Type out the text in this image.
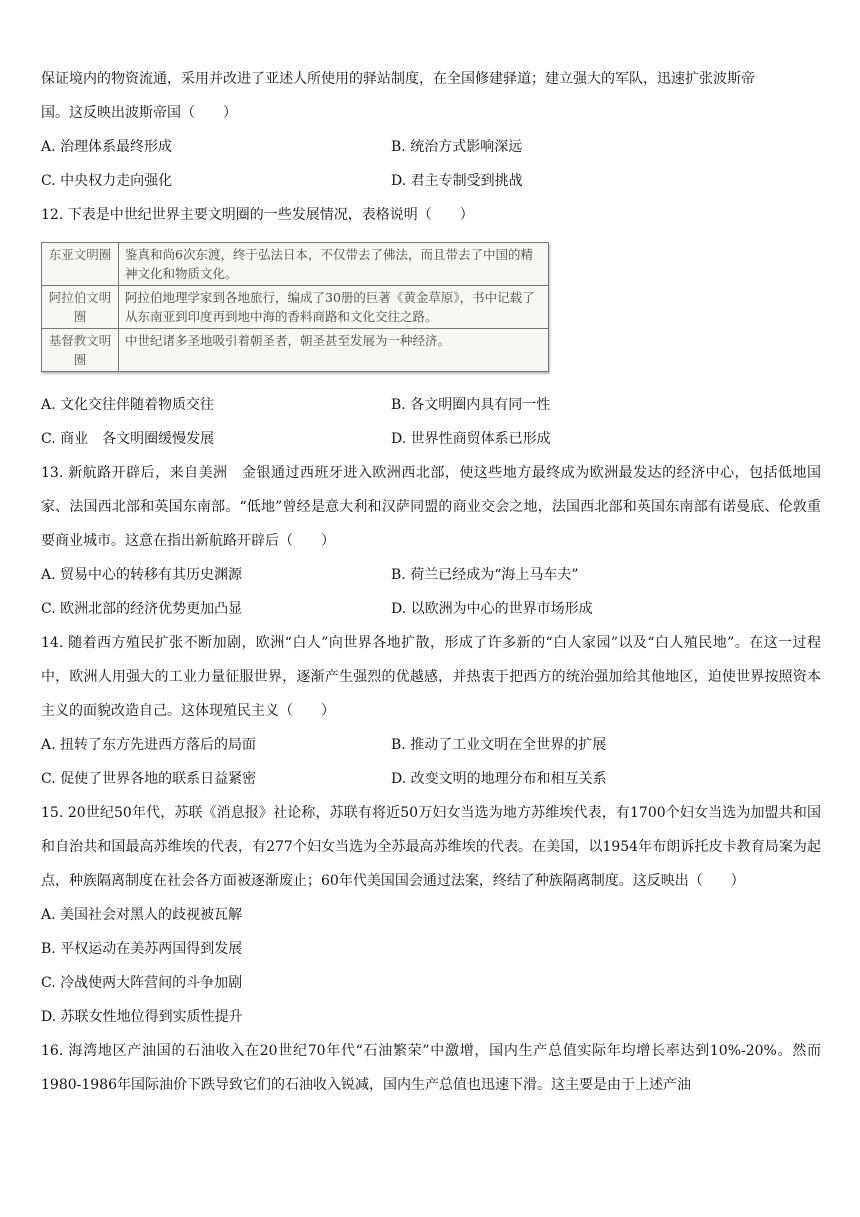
保证境内的物资流通，采用并改进了亚述人所使用的驿站制度，在全国修建驿道；建立强大的军队，迅速扩张波斯帝

国。这反映出波斯帝国（　　）

A. 治理体系最终形成	B. 统治方式影响深远
C. 中央权力走向强化	D. 君主专制受到挑战

12. 下表是中世纪世界主要文明圈的一些发展情况，表格说明（　　）

东亚文明圈	鉴真和尚6次东渡，终于弘法日本，不仅带去了佛法，而且带去了中国的精神文化和物质文化。
阿拉伯文明圈	阿拉伯地理学家到各地旅行，编成了30册的巨著《黄金草原》，书中记载了从东南亚到印度再到地中海的香料商路和文化交往之路。
基督教文明圈	中世纪诸多圣地吸引着朝圣者，朝圣甚至发展为一种经济。
A. 文化交往伴随着物质交往	B. 各文明圈内具有同一性
C. 商业　各文明圈缓慢发展	D. 世界性商贸体系已形成

13. 新航路开辟后，来自美洲　金银通过西班牙进入欧洲西北部，使这些地方最终成为欧洲最发达的经济中心，包括低地国家、法国西北部和英国东南部。“低地”曾经是意大利和汉萨同盟的商业交会之地，法国西北部和英国东南部有诺曼底、伦敦重要商业城市。这意在指出新航路开辟后（　　）

A. 贸易中心的转移有其历史渊源	B. 荷兰已经成为“海上马车夫”
C. 欧洲北部的经济优势更加凸显	D. 以欧洲为中心的世界市场形成

14. 随着西方殖民扩张不断加剧，欧洲“白人”向世界各地扩散，形成了许多新的“白人家园”以及“白人殖民地”。在这一过程中，欧洲人用强大的工业力量征服世界，逐渐产生强烈的优越感，并热衷于把西方的统治强加给其他地区，迫使世界按照资本主义的面貌改造自己。这体现殖民主义（　　）

A. 扭转了东方先进西方落后的局面	B. 推动了工业文明在全世界的扩展
C. 促使了世界各地的联系日益紧密	D. 改变文明的地理分布和相互关系

15. 20世纪50年代，苏联《消息报》社论称，苏联有将近50万妇女当选为地方苏维埃代表，有1700个妇女当选为加盟共和国和自治共和国最高苏维埃的代表，有277个妇女当选为全苏最高苏维埃的代表。在美国，以1954年布朗诉托皮卡教育局案为起点，种族隔离制度在社会各方面被逐渐废止；60年代美国国会通过法案，终结了种族隔离制度。这反映出（　　）

A. 美国社会对黑人的歧视被瓦解
B. 平权运动在美苏两国得到发展
C. 冷战使两大阵营间的斗争加剧
D. 苏联女性地位得到实质性提升

16. 海湾地区产油国的石油收入在20世纪70年代“石油繁荣”中激增，国内生产总值实际年均增长率达到10%-20%。然而1980-1986年国际油价下跌导致它们的石油收入锐减，国内生产总值也迅速下滑。这主要是由于上述产油
